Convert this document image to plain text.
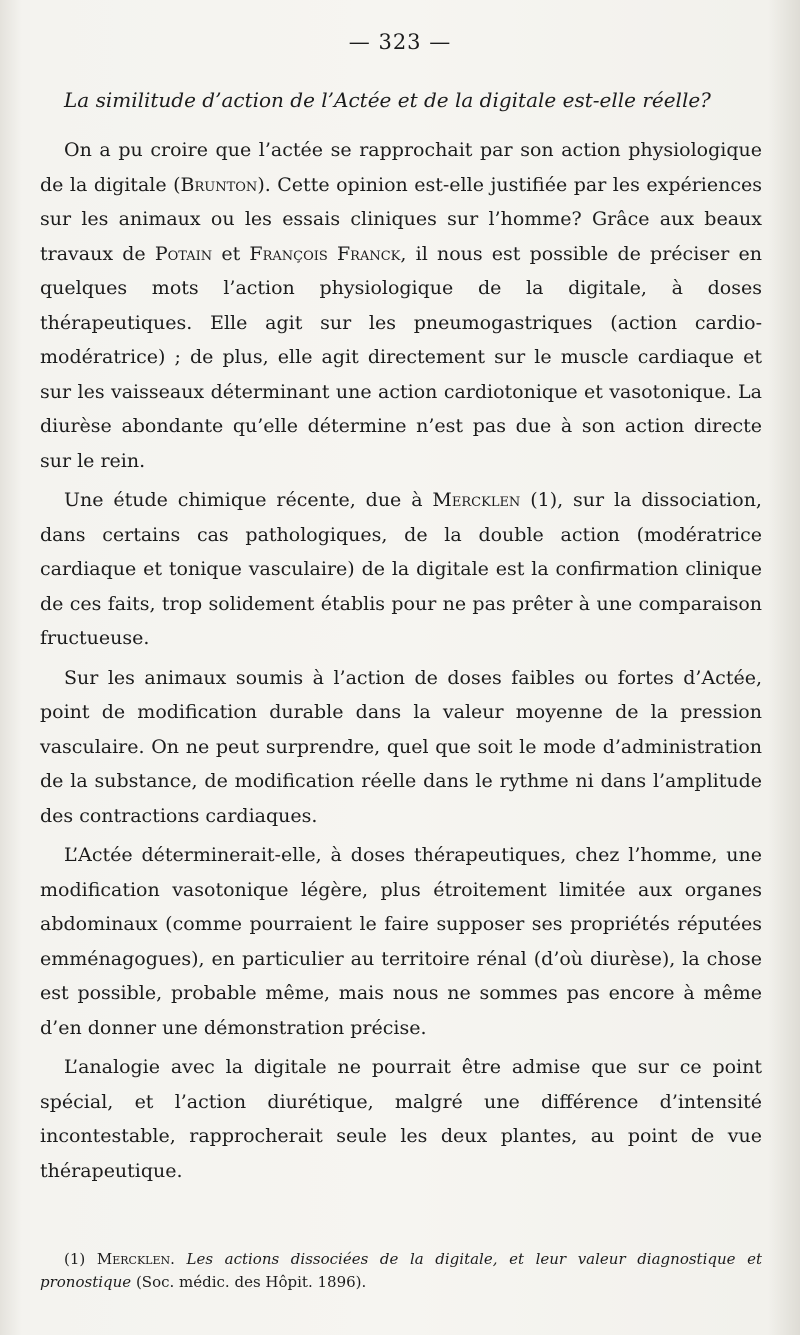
— 323 —
La similitude d’action de l’Actée et de la digitale est-elle réelle?

On a pu croire que l’actée se rapprochait par son action physiologique de la digitale (Brunton). Cette opinion est-elle justifiée par les expériences sur les animaux ou les essais cliniques sur l’homme? Grâce aux beaux travaux de Potain et François Franck, il nous est possible de préciser en quelques mots l’action physiologique de la digitale, à doses thérapeutiques. Elle agit sur les pneumogastriques (action cardio-modératrice) ; de plus, elle agit directement sur le muscle cardiaque et sur les vaisseaux déterminant une action cardiotonique et vasotonique. La diurèse abondante qu’elle détermine n’est pas due à son action directe sur le rein.

Une étude chimique récente, due à Mercklen (1), sur la dissociation, dans certains cas pathologiques, de la double action (modératrice cardiaque et tonique vasculaire) de la digitale est la confirmation clinique de ces faits, trop solidement établis pour ne pas prêter à une comparaison fructueuse.

Sur les animaux soumis à l’action de doses faibles ou fortes d’Actée, point de modification durable dans la valeur moyenne de la pression vasculaire. On ne peut surprendre, quel que soit le mode d’administration de la substance, de modification réelle dans le rythme ni dans l’amplitude des contractions cardiaques.

L’Actée déterminerait-elle, à doses thérapeutiques, chez l’homme, une modification vasotonique légère, plus étroitement limitée aux organes abdominaux (comme pourraient le faire supposer ses propriétés réputées emménagogues), en particulier au territoire rénal (d’où diurèse), la chose est possible, probable même, mais nous ne sommes pas encore à même d’en donner une démonstration précise.

L’analogie avec la digitale ne pourrait être admise que sur ce point spécial, et l’action diurétique, malgré une différence d’intensité incontestable, rapprocherait seule les deux plantes, au point de vue thérapeutique.

(1) Mercklen. Les actions dissociées de la digitale, et leur valeur diagnostique et pronostique (Soc. médic. des Hôpit. 1896).
